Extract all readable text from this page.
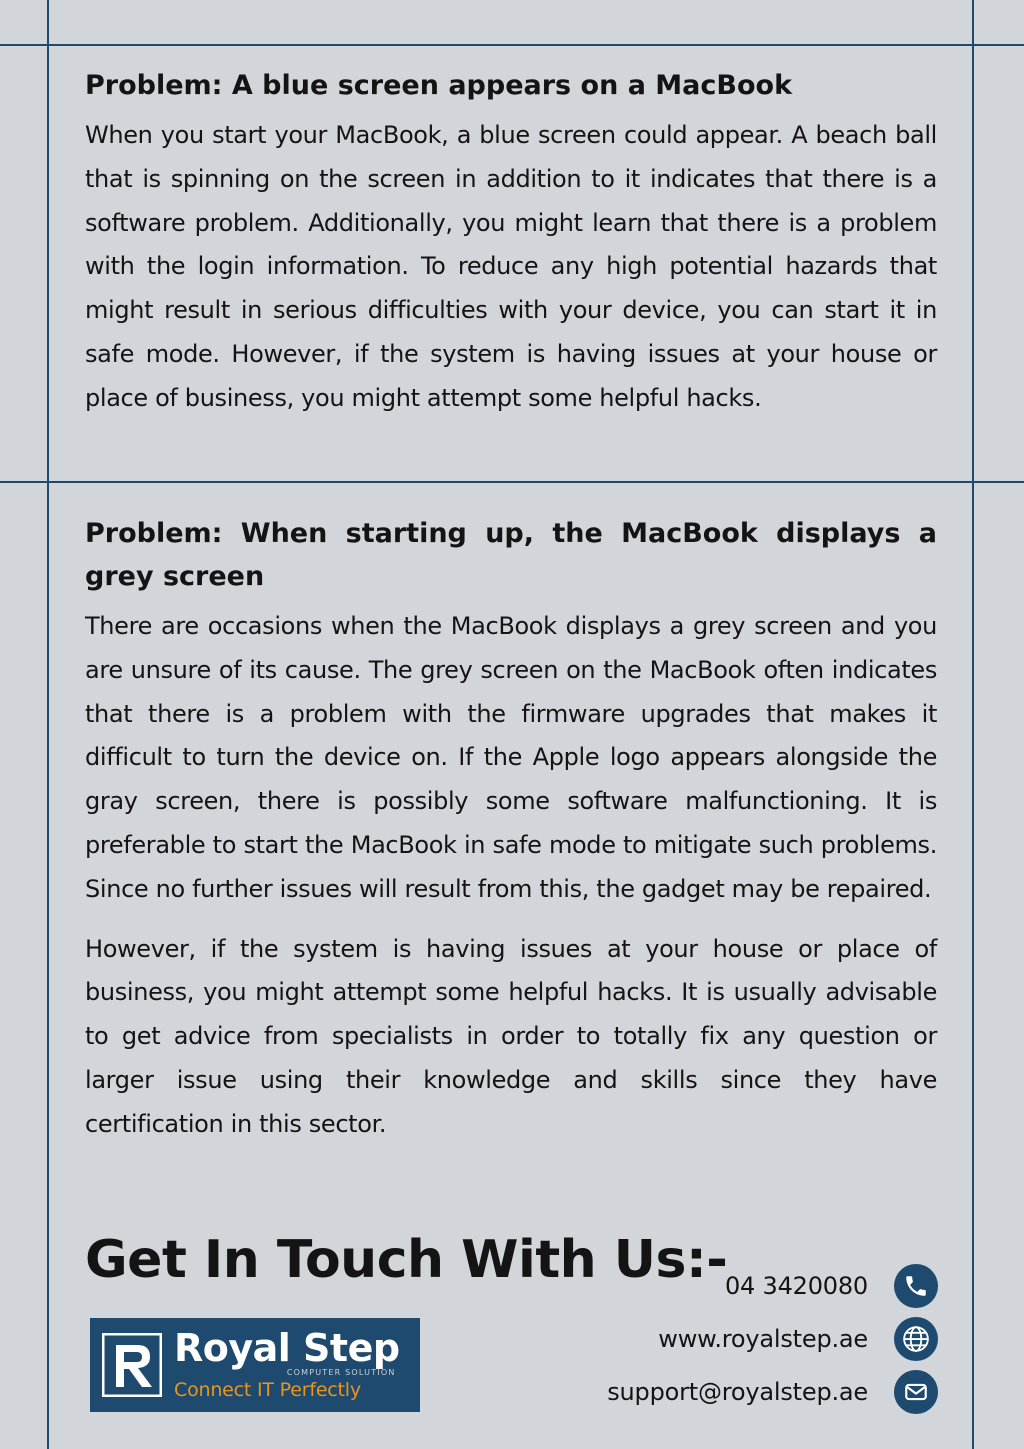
Problem: A blue screen appears on a MacBook

When you start your MacBook, a blue screen could appear. A beach ball that is spinning on the screen in addition to it indicates that there is a software problem. Additionally, you might learn that there is a problem with the login information. To reduce any high potential hazards that might result in serious difficulties with your device, you can start it in safe mode. However, if the system is having issues at your house or place of business, you might attempt some helpful hacks.

Problem: When starting up, the MacBook displays a grey screen

There are occasions when the MacBook displays a grey screen and you are unsure of its cause. The grey screen on the MacBook often indicates that there is a problem with the firmware upgrades that makes it difficult to turn the device on. If the Apple logo appears alongside the gray screen, there is possibly some software malfunctioning. It is preferable to start the MacBook in safe mode to mitigate such problems. Since no further issues will result from this, the gadget may be repaired.

However, if the system is having issues at your house or place of business, you might attempt some helpful hacks. It is usually advisable to get advice from specialists in order to totally fix any question or larger issue using their knowledge and skills since they have certification in this sector.

Get In Touch With Us:-
Royal Step
COMPUTER SOLUTION
Connect IT Perfectly
04 3420080
www.royalstep.ae
support@royalstep.ae
